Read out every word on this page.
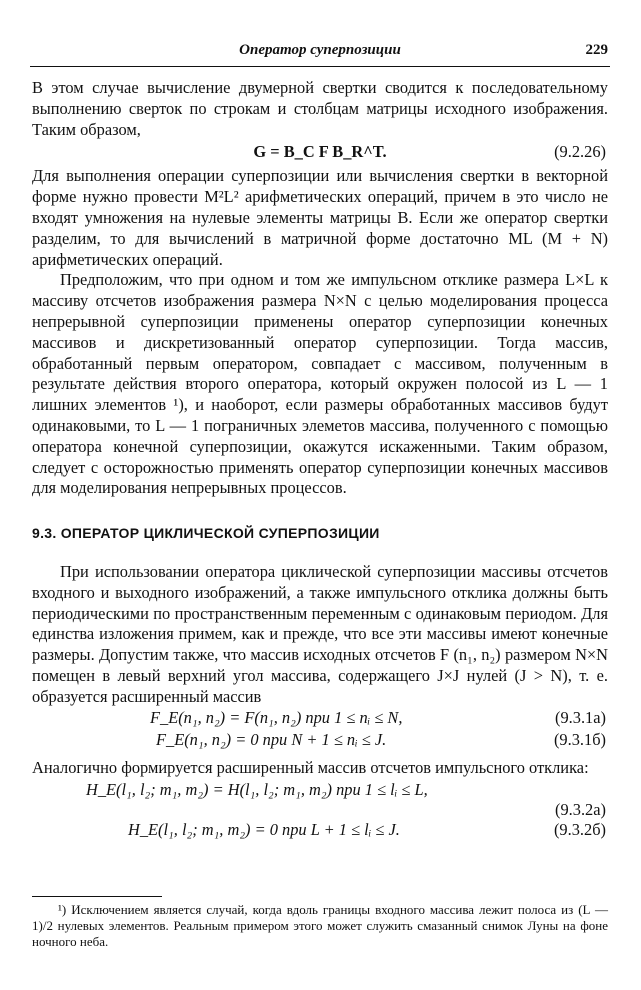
Оператор суперпозиции	229

В этом случае вычисление двумерной свертки сводится к последовательному выполнению сверток по строкам и столбцам матрицы исходного изображения. Таким образом,

G = B_C F B_R^T.	(9.2.26)

Для выполнения операции суперпозиции или вычисления свертки в векторной форме нужно провести M²L² арифметических операций, причем в это число не входят умножения на нулевые элементы матрицы B. Если же оператор свертки разделим, то для вычислений в матричной форме достаточно ML (M + N) арифметических операций.

Предположим, что при одном и том же импульсном отклике размера L×L к массиву отсчетов изображения размера N×N с целью моделирования процесса непрерывной суперпозиции применены оператор суперпозиции конечных массивов и дискретизованный оператор суперпозиции. Тогда массив, обработанный первым оператором, совпадает с массивом, полученным в результате действия второго оператора, который окружен полосой из L — 1 лишних элементов ¹), и наоборот, если размеры обработанных массивов будут одинаковыми, то L — 1 пограничных элеметов массива, полученного с помощью оператора конечной суперпозиции, окажутся искаженными. Таким образом, следует с осторожностью применять оператор суперпозиции конечных массивов для моделирования непрерывных процессов.

9.3. ОПЕРАТОР ЦИКЛИЧЕСКОЙ СУПЕРПОЗИЦИИ

При использовании оператора циклической суперпозиции массивы отсчетов входного и выходного изображений, а также импульсного отклика должны быть периодическими по пространственным переменным с одинаковым периодом. Для единства изложения примем, как и прежде, что все эти массивы имеют конечные размеры. Допустим также, что массив исходных отсчетов F (n₁, n₂) размером N×N помещен в левый верхний угол массива, содержащего J×J нулей (J > N), т. е. образуется расширенный массив

F_E(n₁, n₂) = F(n₁, n₂) при 1 ≤ nᵢ ≤ N,	(9.3.1а)
F_E(n₁, n₂) = 0 при N + 1 ≤ nᵢ ≤ J.	(9.3.1б)

Аналогично формируется расширенный массив отсчетов импульсного отклика:

H_E(l₁, l₂; m₁, m₂) = H(l₁, l₂; m₁, m₂) при 1 ≤ lᵢ ≤ L,
(9.3.2а)
H_E(l₁, l₂; m₁, m₂) = 0 при L + 1 ≤ lᵢ ≤ J.	(9.3.2б)

¹) Исключением является случай, когда вдоль границы входного массива лежит полоса из (L — 1)/2 нулевых элементов. Реальным примером этого может служить смазанный снимок Луны на фоне ночного неба.
